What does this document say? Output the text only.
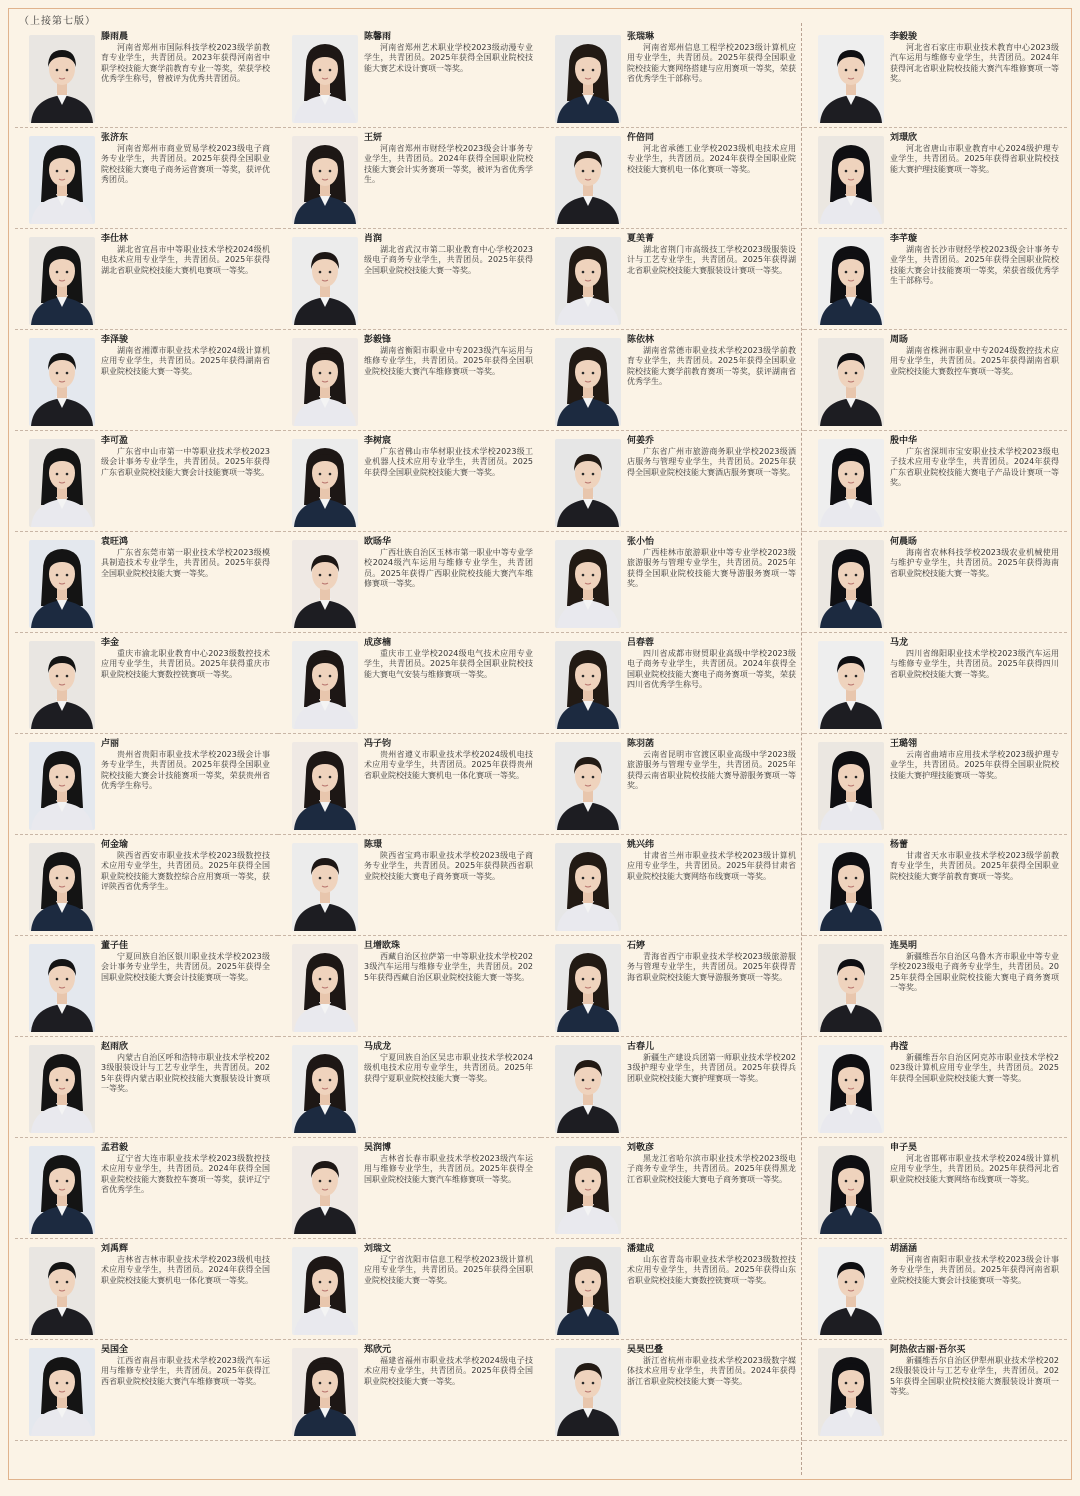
（上接第七版）
滕雨晨
河南省郑州市国际科技学校2023级学前教育专业学生，共青团员。2023年获得河南省中职学校技能大赛学前教育专业一等奖，荣获学校优秀学生称号，曾被评为优秀共青团员。
陈馨雨
河南省郑州艺术职业学校2023级动漫专业学生，共青团员。2025年获得全国职业院校技能大赛艺术设计赛项一等奖。
张瑞琳
河南省郑州信息工程学校2023级计算机应用专业学生，共青团员。2025年获得全国职业院校技能大赛网络搭建与应用赛项一等奖，荣获省优秀学生干部称号。
李毅骏
河北省石家庄市职业技术教育中心2023级汽车运用与维修专业学生，共青团员。2024年获得河北省职业院校技能大赛汽车维修赛项一等奖。
张济东
河南省郑州市商业贸易学校2023级电子商务专业学生，共青团员。2025年获得全国职业院校技能大赛电子商务运营赛项一等奖，获评优秀团员。
王妍
河南省郑州市财经学校2023级会计事务专业学生，共青团员。2024年获得全国职业院校技能大赛会计实务赛项一等奖，被评为省优秀学生。
仵倍同
河北省承德工业学校2023级机电技术应用专业学生，共青团员。2024年获得全国职业院校技能大赛机电一体化赛项一等奖。
刘璟欣
河北省唐山市职业教育中心2024级护理专业学生，共青团员。2025年获得省职业院校技能大赛护理技能赛项一等奖。
李仕林
湖北省宜昌市中等职业技术学校2024级机电技术应用专业学生，共青团员。2025年获得湖北省职业院校技能大赛机电赛项一等奖。
肖润
湖北省武汉市第二职业教育中心学校2023级电子商务专业学生，共青团员。2025年获得全国职业院校技能大赛一等奖。
夏美菁
湖北省荆门市高级技工学校2023级服装设计与工艺专业学生，共青团员。2025年获得湖北省职业院校技能大赛服装设计赛项一等奖。
李芊璇
湖南省长沙市财经学校2023级会计事务专业学生，共青团员。2025年获得全国职业院校技能大赛会计技能赛项一等奖，荣获省级优秀学生干部称号。
李泽骏
湖南省湘潭市职业技术学校2024级计算机应用专业学生，共青团员。2025年获得湖南省职业院校技能大赛一等奖。
彭毅锋
湖南省衡阳市职业中专2023级汽车运用与维修专业学生，共青团员。2025年获得全国职业院校技能大赛汽车维修赛项一等奖。
陈依林
湖南省常德市职业技术学校2023级学前教育专业学生，共青团员。2025年获得全国职业院校技能大赛学前教育赛项一等奖，获评湖南省优秀学生。
周旸
湖南省株洲市职业中专2024级数控技术应用专业学生，共青团员。2025年获得湖南省职业院校技能大赛数控车赛项一等奖。
李可盈
广东省中山市第一中等职业技术学校2023级会计事务专业学生，共青团员。2025年获得广东省职业院校技能大赛会计技能赛项一等奖。
李树宸
广东省佛山市华材职业技术学校2023级工业机器人技术应用专业学生，共青团员。2025年获得全国职业院校技能大赛一等奖。
何姜乔
广东省广州市旅游商务职业学校2023级酒店服务与管理专业学生，共青团员。2025年获得全国职业院校技能大赛酒店服务赛项一等奖。
殷中华
广东省深圳市宝安职业技术学校2023级电子技术应用专业学生，共青团员。2024年获得广东省职业院校技能大赛电子产品设计赛项一等奖。
袁旺鸿
广东省东莞市第一职业技术学校2023级模具制造技术专业学生，共青团员。2025年获得全国职业院校技能大赛一等奖。
欧旸华
广西壮族自治区玉林市第一职业中等专业学校2024级汽车运用与维修专业学生，共青团员。2025年获得广西职业院校技能大赛汽车维修赛项一等奖。
张小怡
广西桂林市旅游职业中等专业学校2023级旅游服务与管理专业学生，共青团员。2025年获得全国职业院校技能大赛导游服务赛项一等奖。
何晨旸
海南省农林科技学校2023级农业机械使用与维护专业学生，共青团员。2025年获得海南省职业院校技能大赛一等奖。
李金
重庆市渝北职业教育中心2023级数控技术应用专业学生，共青团员。2025年获得重庆市职业院校技能大赛数控铣赛项一等奖。
成彦楠
重庆市工业学校2024级电气技术应用专业学生，共青团员。2025年获得全国职业院校技能大赛电气安装与维修赛项一等奖。
吕春蓉
四川省成都市财贸职业高级中学校2023级电子商务专业学生，共青团员。2024年获得全国职业院校技能大赛电子商务赛项一等奖，荣获四川省优秀学生称号。
马龙
四川省绵阳职业技术学校2023级汽车运用与维修专业学生，共青团员。2025年获得四川省职业院校技能大赛一等奖。
卢丽
贵州省贵阳市职业技术学校2023级会计事务专业学生，共青团员。2025年获得全国职业院校技能大赛会计技能赛项一等奖，荣获贵州省优秀学生称号。
冯子钧
贵州省遵义市职业技术学校2024级机电技术应用专业学生，共青团员。2025年获得贵州省职业院校技能大赛机电一体化赛项一等奖。
陈羽菡
云南省昆明市官渡区职业高级中学2023级旅游服务与管理专业学生，共青团员。2025年获得云南省职业院校技能大赛导游服务赛项一等奖。
王璐翎
云南省曲靖市应用技术学校2023级护理专业学生，共青团员。2025年获得全国职业院校技能大赛护理技能赛项一等奖。
何金瑜
陕西省西安市职业技术学校2023级数控技术应用专业学生，共青团员。2025年获得全国职业院校技能大赛数控综合应用赛项一等奖，获评陕西省优秀学生。
陈璟
陕西省宝鸡市职业技术学校2023级电子商务专业学生，共青团员。2025年获得陕西省职业院校技能大赛电子商务赛项一等奖。
姚兴纬
甘肃省兰州市职业技术学校2023级计算机应用专业学生，共青团员。2025年获得甘肃省职业院校技能大赛网络布线赛项一等奖。
杨蕾
甘肃省天水市职业技术学校2023级学前教育专业学生，共青团员。2025年获得全国职业院校技能大赛学前教育赛项一等奖。
董子佳
宁夏回族自治区银川职业技术学校2023级会计事务专业学生，共青团员。2025年获得全国职业院校技能大赛会计技能赛项一等奖。
旦增欧珠
西藏自治区拉萨第一中等职业技术学校2023级汽车运用与维修专业学生，共青团员。2025年获得西藏自治区职业院校技能大赛一等奖。
石婷
青海省西宁市职业技术学校2023级旅游服务与管理专业学生，共青团员。2025年获得青海省职业院校技能大赛导游服务赛项一等奖。
连昊明
新疆维吾尔自治区乌鲁木齐市职业中等专业学校2023级电子商务专业学生，共青团员。2025年获得全国职业院校技能大赛电子商务赛项一等奖。
赵雨欣
内蒙古自治区呼和浩特市职业技术学校2023级服装设计与工艺专业学生，共青团员。2025年获得内蒙古职业院校技能大赛服装设计赛项一等奖。
马成龙
宁夏回族自治区吴忠市职业技术学校2024级机电技术应用专业学生，共青团员。2025年获得宁夏职业院校技能大赛一等奖。
古春儿
新疆生产建设兵团第一师职业技术学校2023级护理专业学生，共青团员。2025年获得兵团职业院校技能大赛护理赛项一等奖。
冉滢
新疆维吾尔自治区阿克苏市职业技术学校2023级计算机应用专业学生，共青团员。2025年获得全国职业院校技能大赛一等奖。
孟君毅
辽宁省大连市职业技术学校2023级数控技术应用专业学生，共青团员。2024年获得全国职业院校技能大赛数控车赛项一等奖，获评辽宁省优秀学生。
吴润博
吉林省长春市职业技术学校2023级汽车运用与维修专业学生，共青团员。2025年获得全国职业院校技能大赛汽车维修赛项一等奖。
刘敬彦
黑龙江省哈尔滨市职业技术学校2023级电子商务专业学生，共青团员。2025年获得黑龙江省职业院校技能大赛电子商务赛项一等奖。
申子昊
河北省邯郸市职业技术学校2024级计算机应用专业学生，共青团员。2025年获得河北省职业院校技能大赛网络布线赛项一等奖。
刘禹辉
吉林省吉林市职业技术学校2023级机电技术应用专业学生，共青团员。2024年获得全国职业院校技能大赛机电一体化赛项一等奖。
刘瑞文
辽宁省沈阳市信息工程学校2023级计算机应用专业学生，共青团员。2025年获得全国职业院校技能大赛一等奖。
潘建成
山东省青岛市职业技术学校2023级数控技术应用专业学生，共青团员。2025年获得山东省职业院校技能大赛数控铣赛项一等奖。
胡涵涵
河南省南阳市职业技术学校2023级会计事务专业学生，共青团员。2025年获得河南省职业院校技能大赛会计技能赛项一等奖。
吴国全
江西省南昌市职业技术学校2023级汽车运用与维修专业学生，共青团员。2025年获得江西省职业院校技能大赛汽车维修赛项一等奖。
郑欣元
福建省福州市职业技术学校2024级电子技术应用专业学生，共青团员。2025年获得全国职业院校技能大赛一等奖。
吴昊巴叠
浙江省杭州市职业技术学校2023级数字媒体技术应用专业学生，共青团员。2024年获得浙江省职业院校技能大赛一等奖。
阿热依古丽·吾尔买
新疆维吾尔自治区伊犁州职业技术学校2022级服装设计与工艺专业学生，共青团员。2025年获得全国职业院校技能大赛服装设计赛项一等奖。
